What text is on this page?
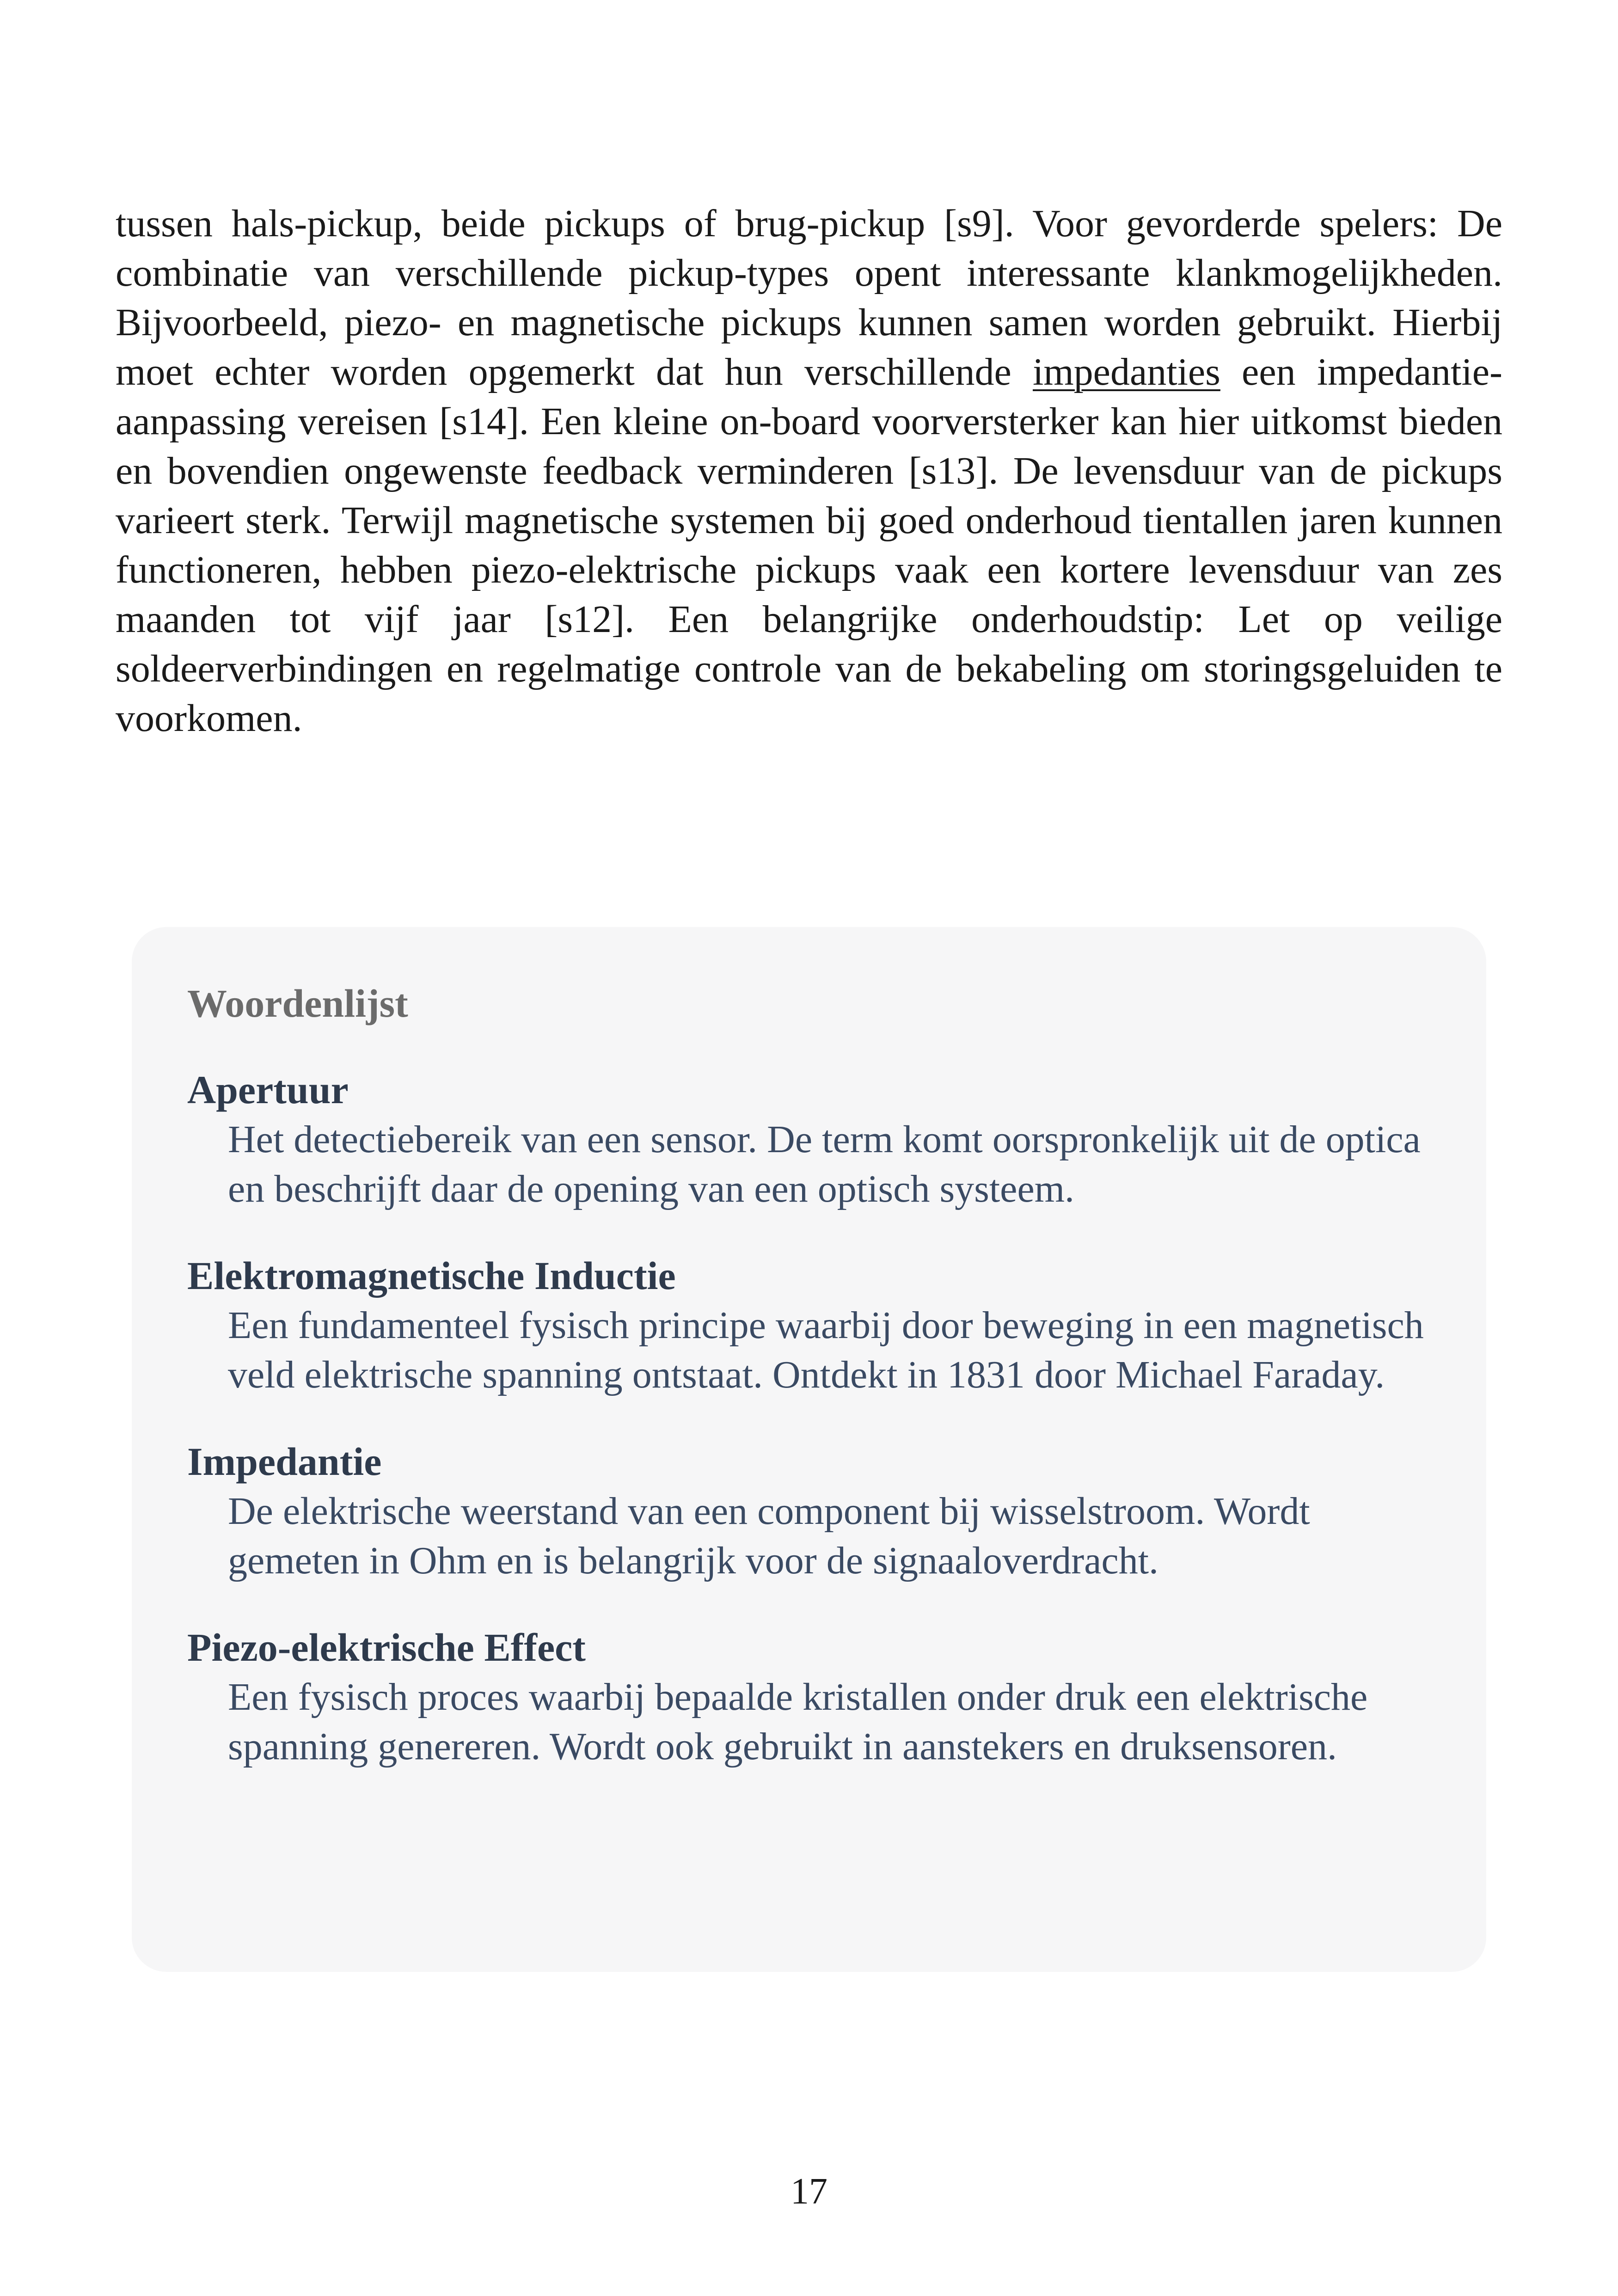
tussen hals-pickup, beide pickups of brug-pickup [s9]. Voor gevorderde spelers: De combinatie van verschillende pickup-types opent interessante klankmogelijkheden. Bijvoorbeeld, piezo- en magnetische pickups kunnen samen worden gebruikt. Hierbij moet echter worden opgemerkt dat hun verschillende impedanties een impedantie-aanpassing vereisen [s14]. Een kleine on-board voorversterker kan hier uitkomst bieden en bovendien ongewenste feedback verminderen [s13]. De levensduur van de pickups varieert sterk. Terwijl magnetische systemen bij goed onderhoud tientallen jaren kunnen functioneren, hebben piezo-elektrische pickups vaak een kortere levensduur van zes maanden tot vijf jaar [s12]. Een belangrijke onderhoudstip: Let op veilige soldeerverbindingen en regelmatige controle van de bekabeling om storingsgeluiden te voorkomen.

Woordenlijst
Apertuur
Het detectiebereik van een sensor. De term komt oorspronkelijk uit de optica en beschrijft daar de opening van een optisch systeem.
Elektromagnetische Inductie
Een fundamenteel fysisch principe waarbij door beweging in een magnetisch veld elektrische spanning ontstaat. Ontdekt in 1831 door Michael Faraday.
Impedantie
De elektrische weerstand van een component bij wisselstroom. Wordt gemeten in Ohm en is belangrijk voor de signaaloverdracht.
Piezo-elektrische Effect
Een fysisch proces waarbij bepaalde kristallen onder druk een elektrische spanning genereren. Wordt ook gebruikt in aanstekers en druksensoren.
17
